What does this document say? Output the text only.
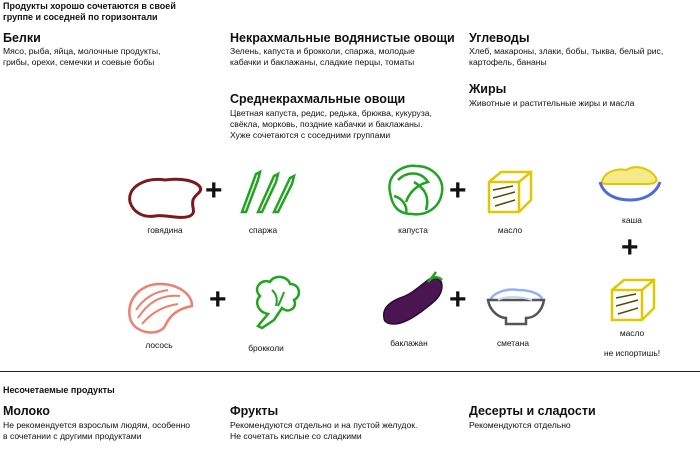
Продукты хорошо сочетаются в своей группе и соседней по горизонтали
Белки
Мясо, рыба, яйца, молочные продукты, грибы, орехи, семечки и соевые бобы
Некрахмальные водянистые овощи
Зелень, капуста и брокколи, спаржа, молодые кабачки и баклажаны, сладкие перцы, томаты
Среднекрахмальные овощи
Цветная капуста, редис, редька, брюква, кукуруза, свёкла, морковь, поздние кабачки и баклажаны. Хуже сочетаются с соседними группами
Углеводы
Хлеб, макароны, злаки, бобы, тыква, белый рис, картофель, бананы
Жиры
Животные и растительные жиры и масла
говядина
+
спаржа	капуста
+
масло
каша
+
лосось
+
брокколи	баклажан
+
сметана
масло
не испортишь!
Несочетаемые продукты
Молоко
Не рекомендуется взрослым людям, особенно в сочетании с другими продуктами
Фрукты
Рекомендуются отдельно и на пустой желудок. Не сочетать кислые со сладкими
Десерты и сладости
Рекомендуются отдельно
